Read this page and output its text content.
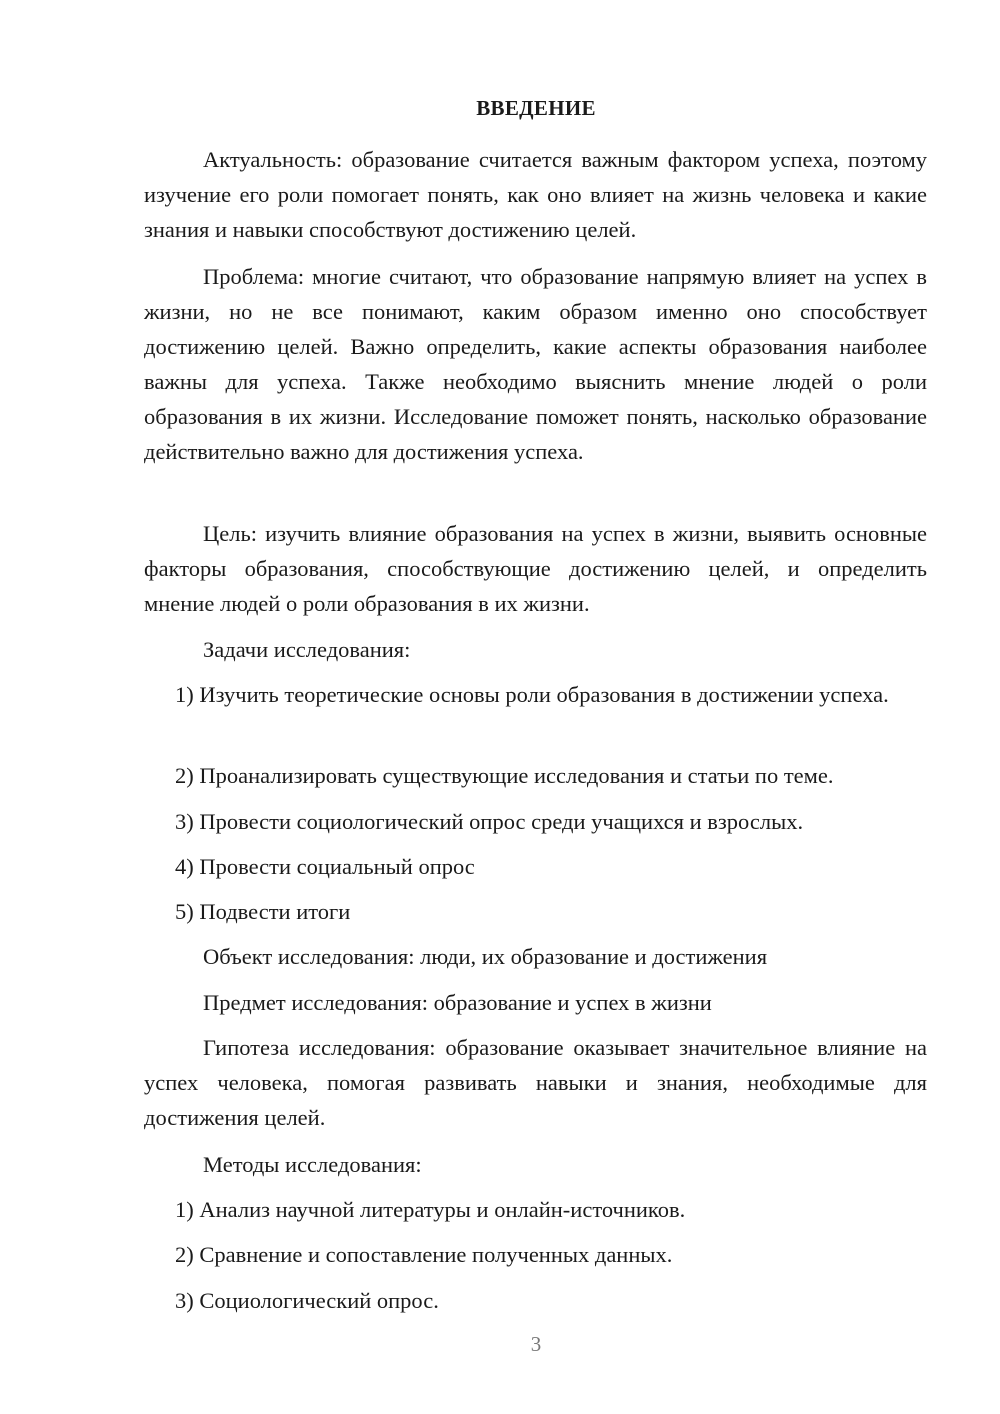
ВВЕДЕНИЕ

Актуальность: образование считается важным фактором успеха, поэтому изучение его роли помогает понять, как оно влияет на жизнь человека и какие знания и навыки способствуют достижению целей.

Проблема: многие считают, что образование напрямую влияет на успех в жизни, но не все понимают, каким образом именно оно способствует достижению целей. Важно определить, какие аспекты образования наиболее важны для успеха. Также необходимо выяснить мнение людей о роли образования в их жизни. Исследование поможет понять, насколько образование действительно важно для достижения успеха.

Цель: изучить влияние образования на успех в жизни, выявить основные факторы образования, способствующие достижению целей, и определить мнение людей о роли образования в их жизни.

Задачи исследования:

1) Изучить теоретические основы роли образования в достижении успеха.

2) Проанализировать существующие исследования и статьи по теме.

3) Провести социологический опрос среди учащихся и взрослых.

4) Провести социальный опрос

5) Подвести итоги

Объект исследования: люди, их образование и достижения

Предмет исследования: образование и успех в жизни

Гипотеза исследования: образование оказывает значительное влияние на успех человека, помогая развивать навыки и знания, необходимые для достижения целей.

Методы исследования:

1) Анализ научной литературы и онлайн-источников.

2) Сравнение и сопоставление полученных данных.

3) Социологический опрос.

3
